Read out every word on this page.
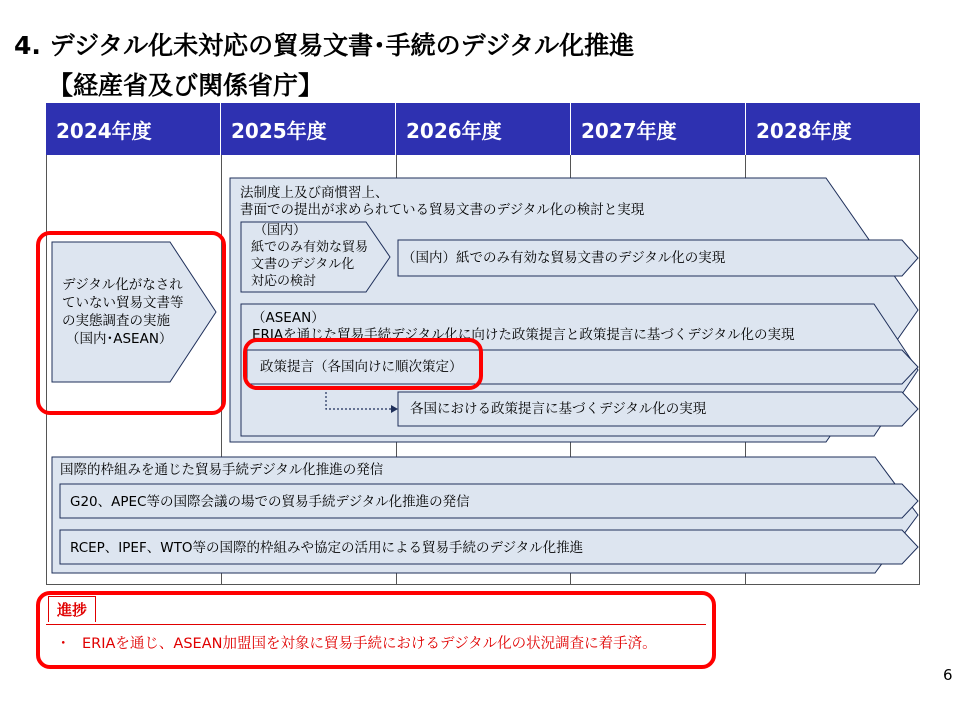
4. デジタル化未対応の貿易文書･手続のデジタル化推進
【経産省及び関係省庁】
2024年度	2025年度	2026年度	2027年度	2028年度
デジタル化がなされ
ていない貿易文書等
の実態調査の実施
（国内･ASEAN）
法制度上及び商慣習上、
書面での提出が求められている貿易文書のデジタル化の検討と実現
（国内）
紙でのみ有効な貿易
文書のデジタル化
対応の検討
（国内）紙でのみ有効な貿易文書のデジタル化の実現
（ASEAN）
ERIAを通じた貿易手続デジタル化に向けた政策提言と政策提言に基づくデジタル化の実現
政策提言（各国向けに順次策定）
各国における政策提言に基づくデジタル化の実現
国際的枠組みを通じた貿易手続デジタル化推進の発信
G20、APEC等の国際会議の場での貿易手続デジタル化推進の発信
RCEP、IPEF、WTO等の国際的枠組みや協定の活用による貿易手続のデジタル化推進
進捗
・ ERIAを通じ、ASEAN加盟国を対象に貿易手続におけるデジタル化の状況調査に着手済。
6
